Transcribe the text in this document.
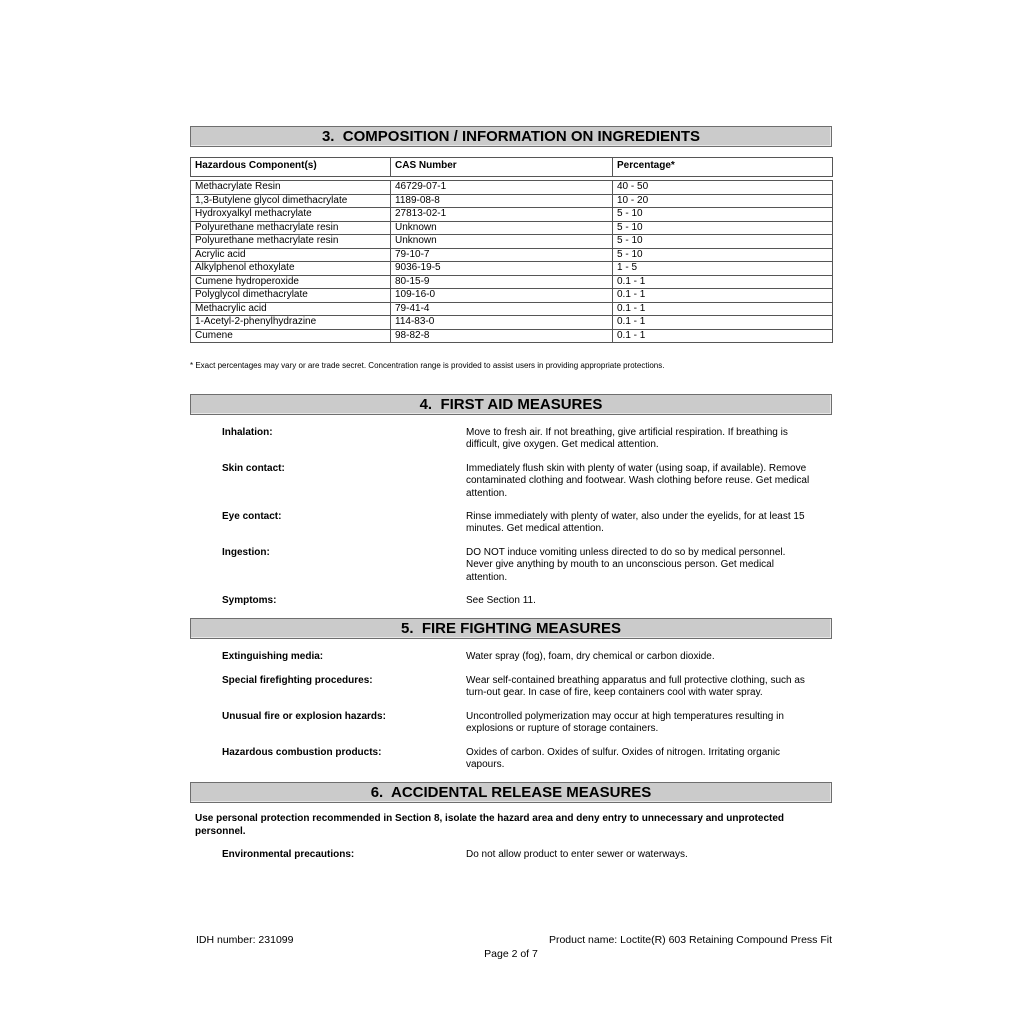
3.  COMPOSITION / INFORMATION ON INGREDIENTS
Hazardous Component(s)	CAS Number	Percentage*
Methacrylate Resin	46729-07-1	40 - 50
1,3-Butylene glycol dimethacrylate	1189-08-8	10 - 20
Hydroxyalkyl methacrylate	27813-02-1	5 - 10
Polyurethane methacrylate resin	Unknown	5 - 10
Polyurethane methacrylate resin	Unknown	5 - 10
Acrylic acid	79-10-7	5 - 10
Alkylphenol ethoxylate	9036-19-5	1 - 5
Cumene hydroperoxide	80-15-9	0.1 - 1
Polyglycol dimethacrylate	109-16-0	0.1 - 1
Methacrylic acid	79-41-4	0.1 - 1
1-Acetyl-2-phenylhydrazine	114-83-0	0.1 - 1
Cumene	98-82-8	0.1 - 1
* Exact percentages may vary or are trade secret. Concentration range is provided to assist users in providing appropriate protections.
4.  FIRST AID MEASURES
Inhalation:	Move to fresh air. If not breathing, give artificial respiration. If breathing is difficult, give oxygen. Get medical attention.
Skin contact:	Immediately flush skin with plenty of water (using soap, if available). Remove contaminated clothing and footwear. Wash clothing before reuse. Get medical attention.
Eye contact:	Rinse immediately with plenty of water, also under the eyelids, for at least 15 minutes. Get medical attention.
Ingestion:	DO NOT induce vomiting unless directed to do so by medical personnel. Never give anything by mouth to an unconscious person. Get medical attention.
Symptoms:	See Section 11.
5.  FIRE FIGHTING MEASURES
Extinguishing media:	Water spray (fog), foam, dry chemical or carbon dioxide.
Special firefighting procedures:	Wear self-contained breathing apparatus and full protective clothing, such as turn-out gear. In case of fire, keep containers cool with water spray.
Unusual fire or explosion hazards:	Uncontrolled polymerization may occur at high temperatures resulting in explosions or rupture of storage containers.
Hazardous combustion products:	Oxides of carbon. Oxides of sulfur. Oxides of nitrogen. Irritating organic vapours.
6.  ACCIDENTAL RELEASE MEASURES
Use personal protection recommended in Section 8, isolate the hazard area and deny entry to unnecessary and unprotected personnel.
Environmental precautions:	Do not allow product to enter sewer or waterways.
IDH number: 231099	Product name: Loctite(R) 603 Retaining Compound Press Fit
Page 2 of 7
